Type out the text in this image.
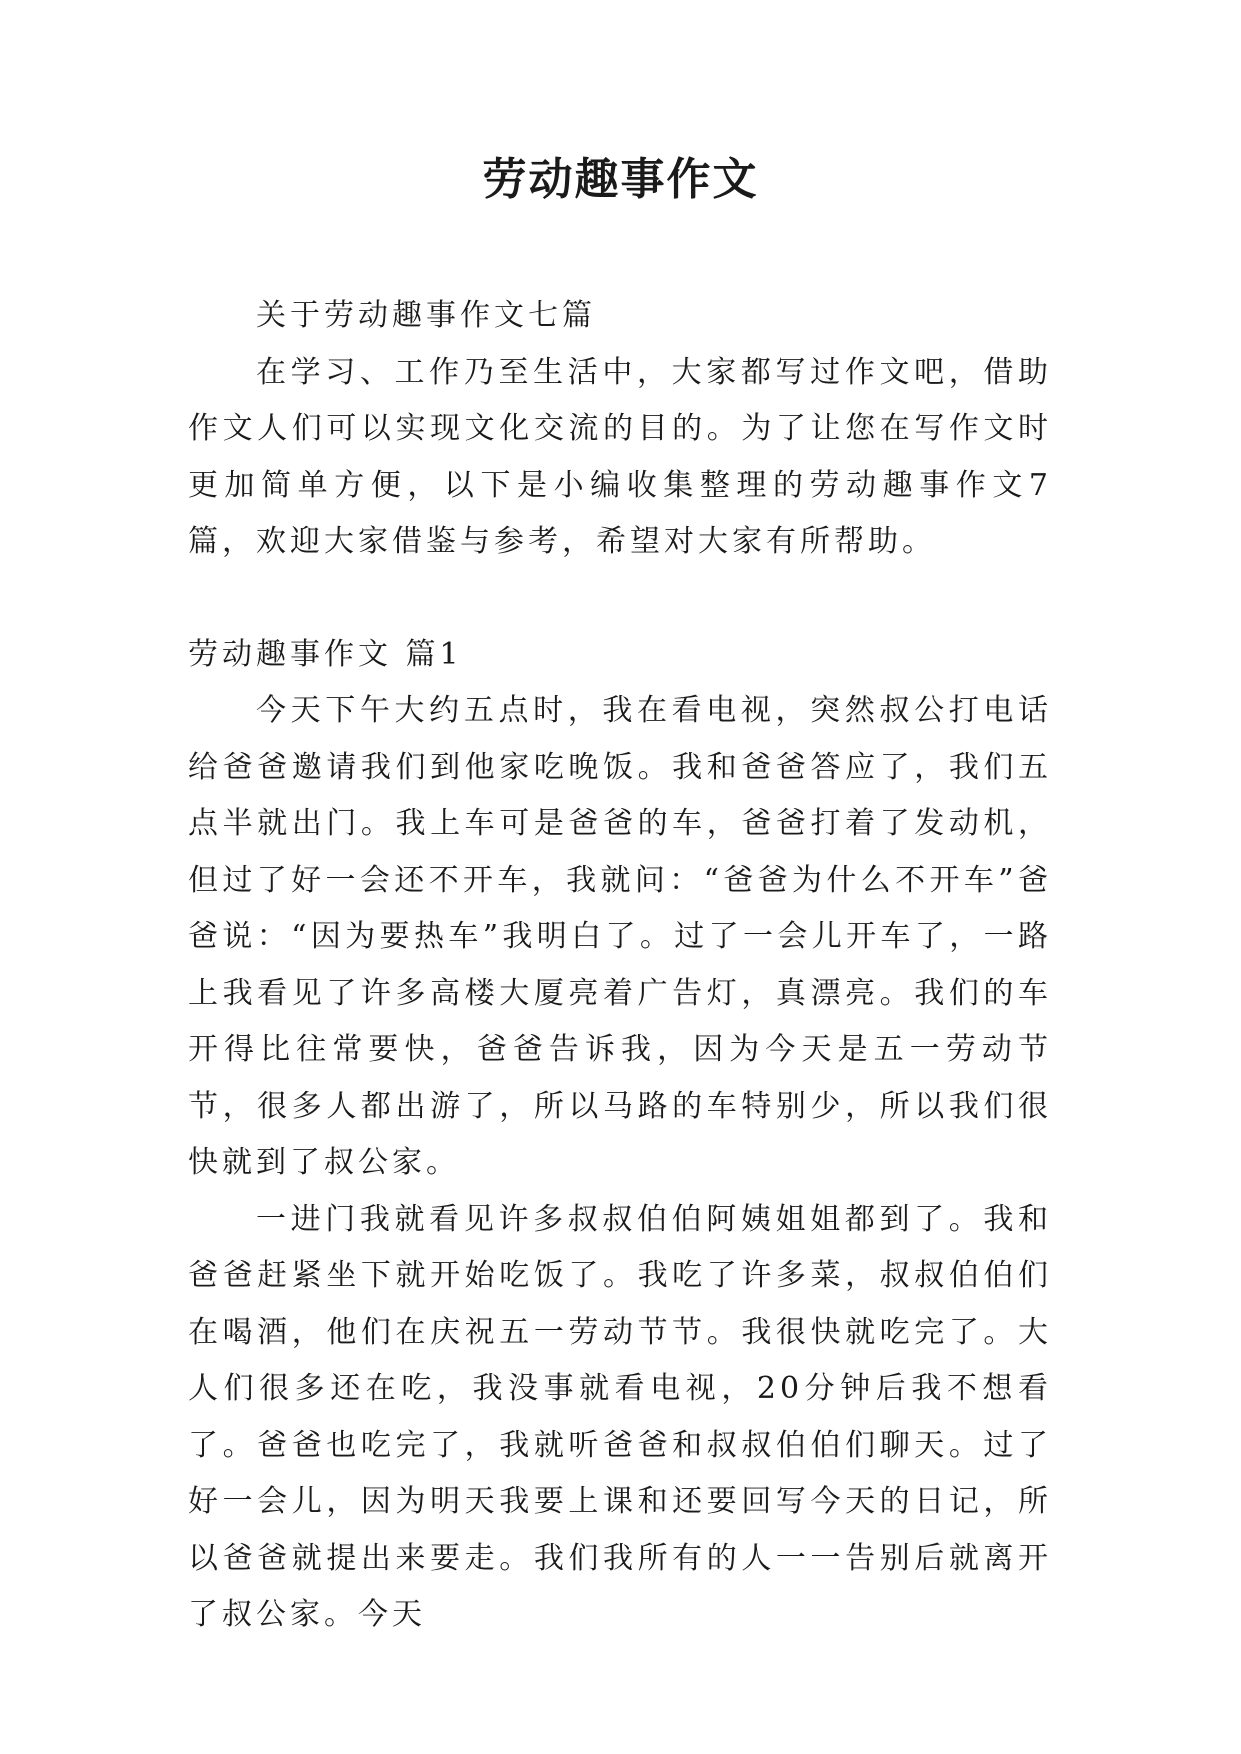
劳动趣事作文

关于劳动趣事作文七篇

在学习、工作乃至生活中，大家都写过作文吧，借助作文人们可以实现文化交流的目的。为了让您在写作文时更加简单方便，以下是小编收集整理的劳动趣事作文7篇，欢迎大家借鉴与参考，希望对大家有所帮助。

劳动趣事作文 篇1

今天下午大约五点时，我在看电视，突然叔公打电话给爸爸邀请我们到他家吃晚饭。我和爸爸答应了，我们五点半就出门。我上车可是爸爸的车，爸爸打着了发动机，但过了好一会还不开车，我就问：“爸爸为什么不开车”爸爸说：“因为要热车”我明白了。过了一会儿开车了，一路上我看见了许多高楼大厦亮着广告灯，真漂亮。我们的车开得比往常要快，爸爸告诉我，因为今天是五一劳动节节，很多人都出游了，所以马路的车特别少，所以我们很快就到了叔公家。

一进门我就看见许多叔叔伯伯阿姨姐姐都到了。我和爸爸赶紧坐下就开始吃饭了。我吃了许多菜，叔叔伯伯们在喝酒，他们在庆祝五一劳动节节。我很快就吃完了。大人们很多还在吃，我没事就看电视，20分钟后我不想看了。爸爸也吃完了，我就听爸爸和叔叔伯伯们聊天。过了好一会儿，因为明天我要上课和还要回写今天的日记，所以爸爸就提出来要走。我们我所有的人一一告别后就离开了叔公家。今天
